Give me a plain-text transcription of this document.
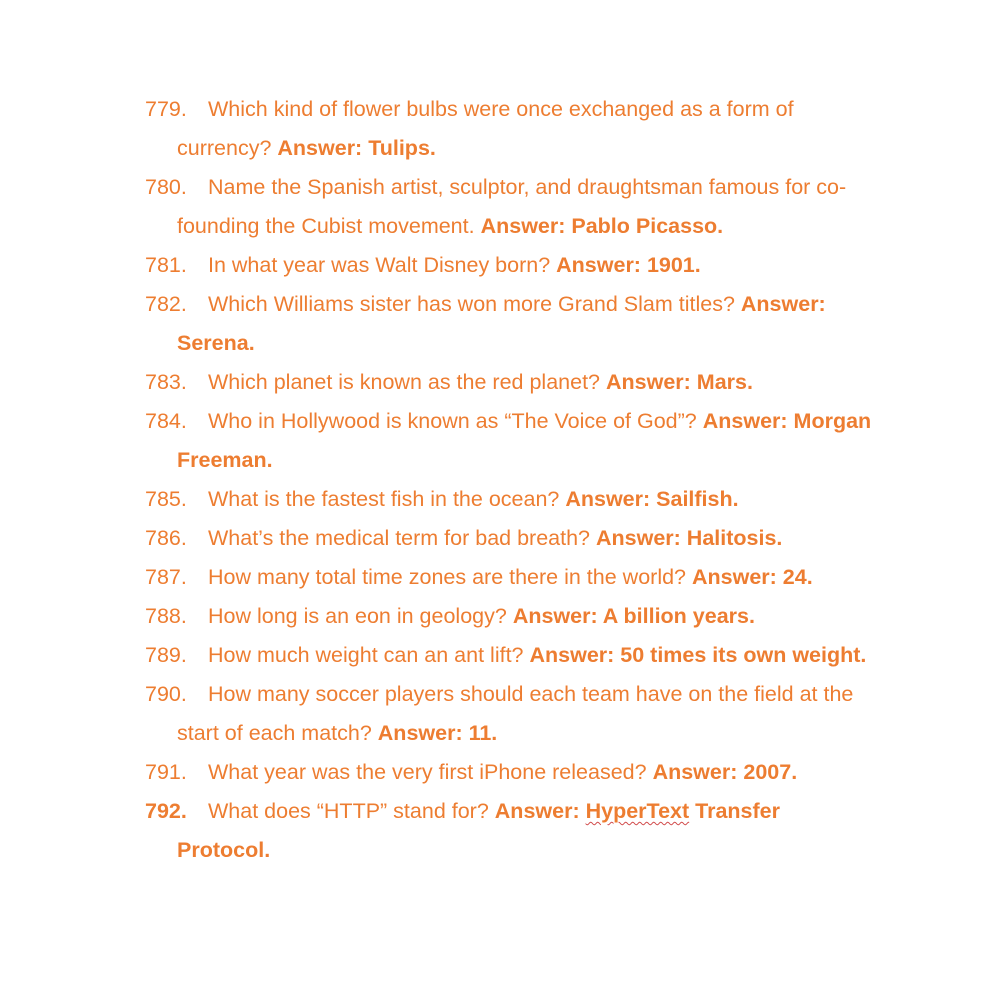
779. Which kind of flower bulbs were once exchanged as a form of currency? Answer: Tulips.
780. Name the Spanish artist, sculptor, and draughtsman famous for co-founding the Cubist movement. Answer: Pablo Picasso.
781. In what year was Walt Disney born? Answer: 1901.
782. Which Williams sister has won more Grand Slam titles? Answer: Serena.
783. Which planet is known as the red planet? Answer: Mars.
784. Who in Hollywood is known as “The Voice of God”? Answer: Morgan Freeman.
785. What is the fastest fish in the ocean? Answer: Sailfish.
786. What’s the medical term for bad breath? Answer: Halitosis.
787. How many total time zones are there in the world? Answer: 24.
788. How long is an eon in geology? Answer: A billion years.
789. How much weight can an ant lift? Answer: 50 times its own weight.
790. How many soccer players should each team have on the field at the start of each match? Answer: 11.
791. What year was the very first iPhone released? Answer: 2007.
792. What does “HTTP” stand for? Answer: HyperText Transfer Protocol.
